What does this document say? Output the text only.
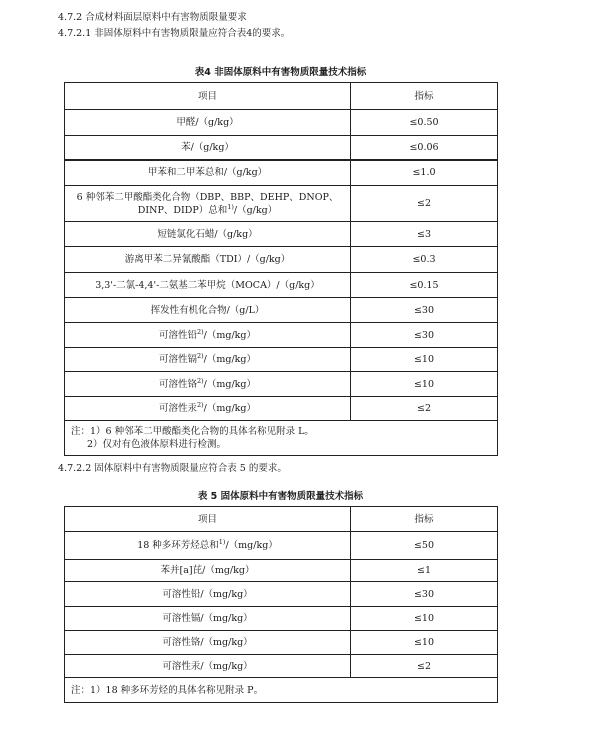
4.7.2 合成材料面层原料中有害物质限量要求
4.7.2.1 非固体原料中有害物质限量应符合表4的要求。
表4 非固体原料中有害物质限量技术指标
项目	指标
甲醛/（g/kg）	≤0.50
苯/（g/kg）	≤0.06
甲苯和二甲苯总和/（g/kg）	≤1.0
6 种邻苯二甲酸酯类化合物（DBP、BBP、DEHP、DNOP、DINP、DIDP）总和$^{1)}$/（g/kg）	≤2
短链氯化石蜡/（g/kg）	≤3
游离甲苯二异氰酸酯（TDI）/（g/kg）	≤0.3
3,3'-二氯-4,4'-二氨基二苯甲烷（MOCA）/（g/kg）	≤0.15
挥发性有机化合物/（g/L）	≤30
可溶性铅$^{2)}$/（mg/kg）	≤30
可溶性镉$^{2)}$/（mg/kg）	≤10
可溶性铬$^{2)}$/（mg/kg）	≤10
可溶性汞$^{2)}$/（mg/kg）	≤2

注：1）6 种邻苯二甲酸酯类化合物的具体名称见附录 L。
2）仅对有色液体原料进行检测。	
4.7.2.2 固体原料中有害物质限量应符合表 5 的要求。
表 5 固体原料中有害物质限量技术指标
项目	指标
18 种多环芳烃总和$^{1)}$/（mg/kg）	≤50
苯并[a]芘/（mg/kg）	≤1
可溶性铅/（mg/kg）	≤30
可溶性镉/（mg/kg）	≤10
可溶性铬/（mg/kg）	≤10
可溶性汞/（mg/kg）	≤2

注：1）18 种多环芳烃的具体名称见附录 P。	
